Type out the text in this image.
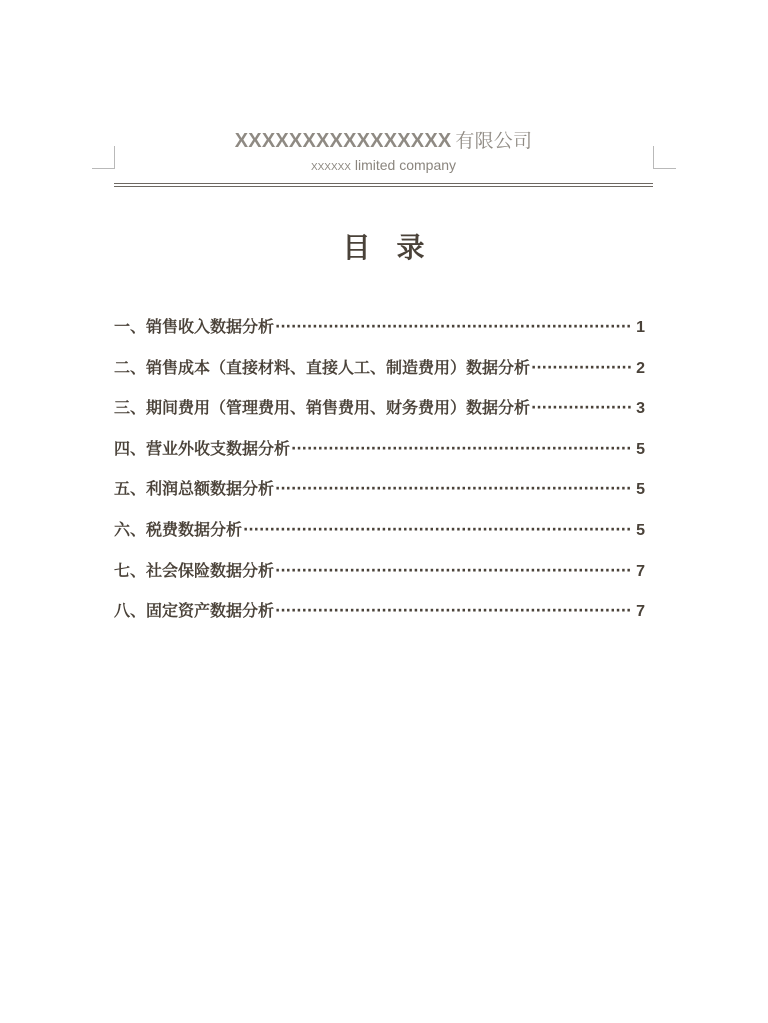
XXXXXXXXXXXXXXXX 有限公司
XXXXXX limited company
目录
一、销售收入数据分析 ·····	1
二、销售成本（直接材料、直接人工、制造费用）数据分析 ·····	2
三、期间费用（管理费用、销售费用、财务费用）数据分析 ·····	3
四、营业外收支数据分析 ·····	5
五、利润总额数据分析 ·····	5
六、税费数据分析 ·····	5
七、社会保险数据分析 ·····	7
八、固定资产数据分析 ·····	7
